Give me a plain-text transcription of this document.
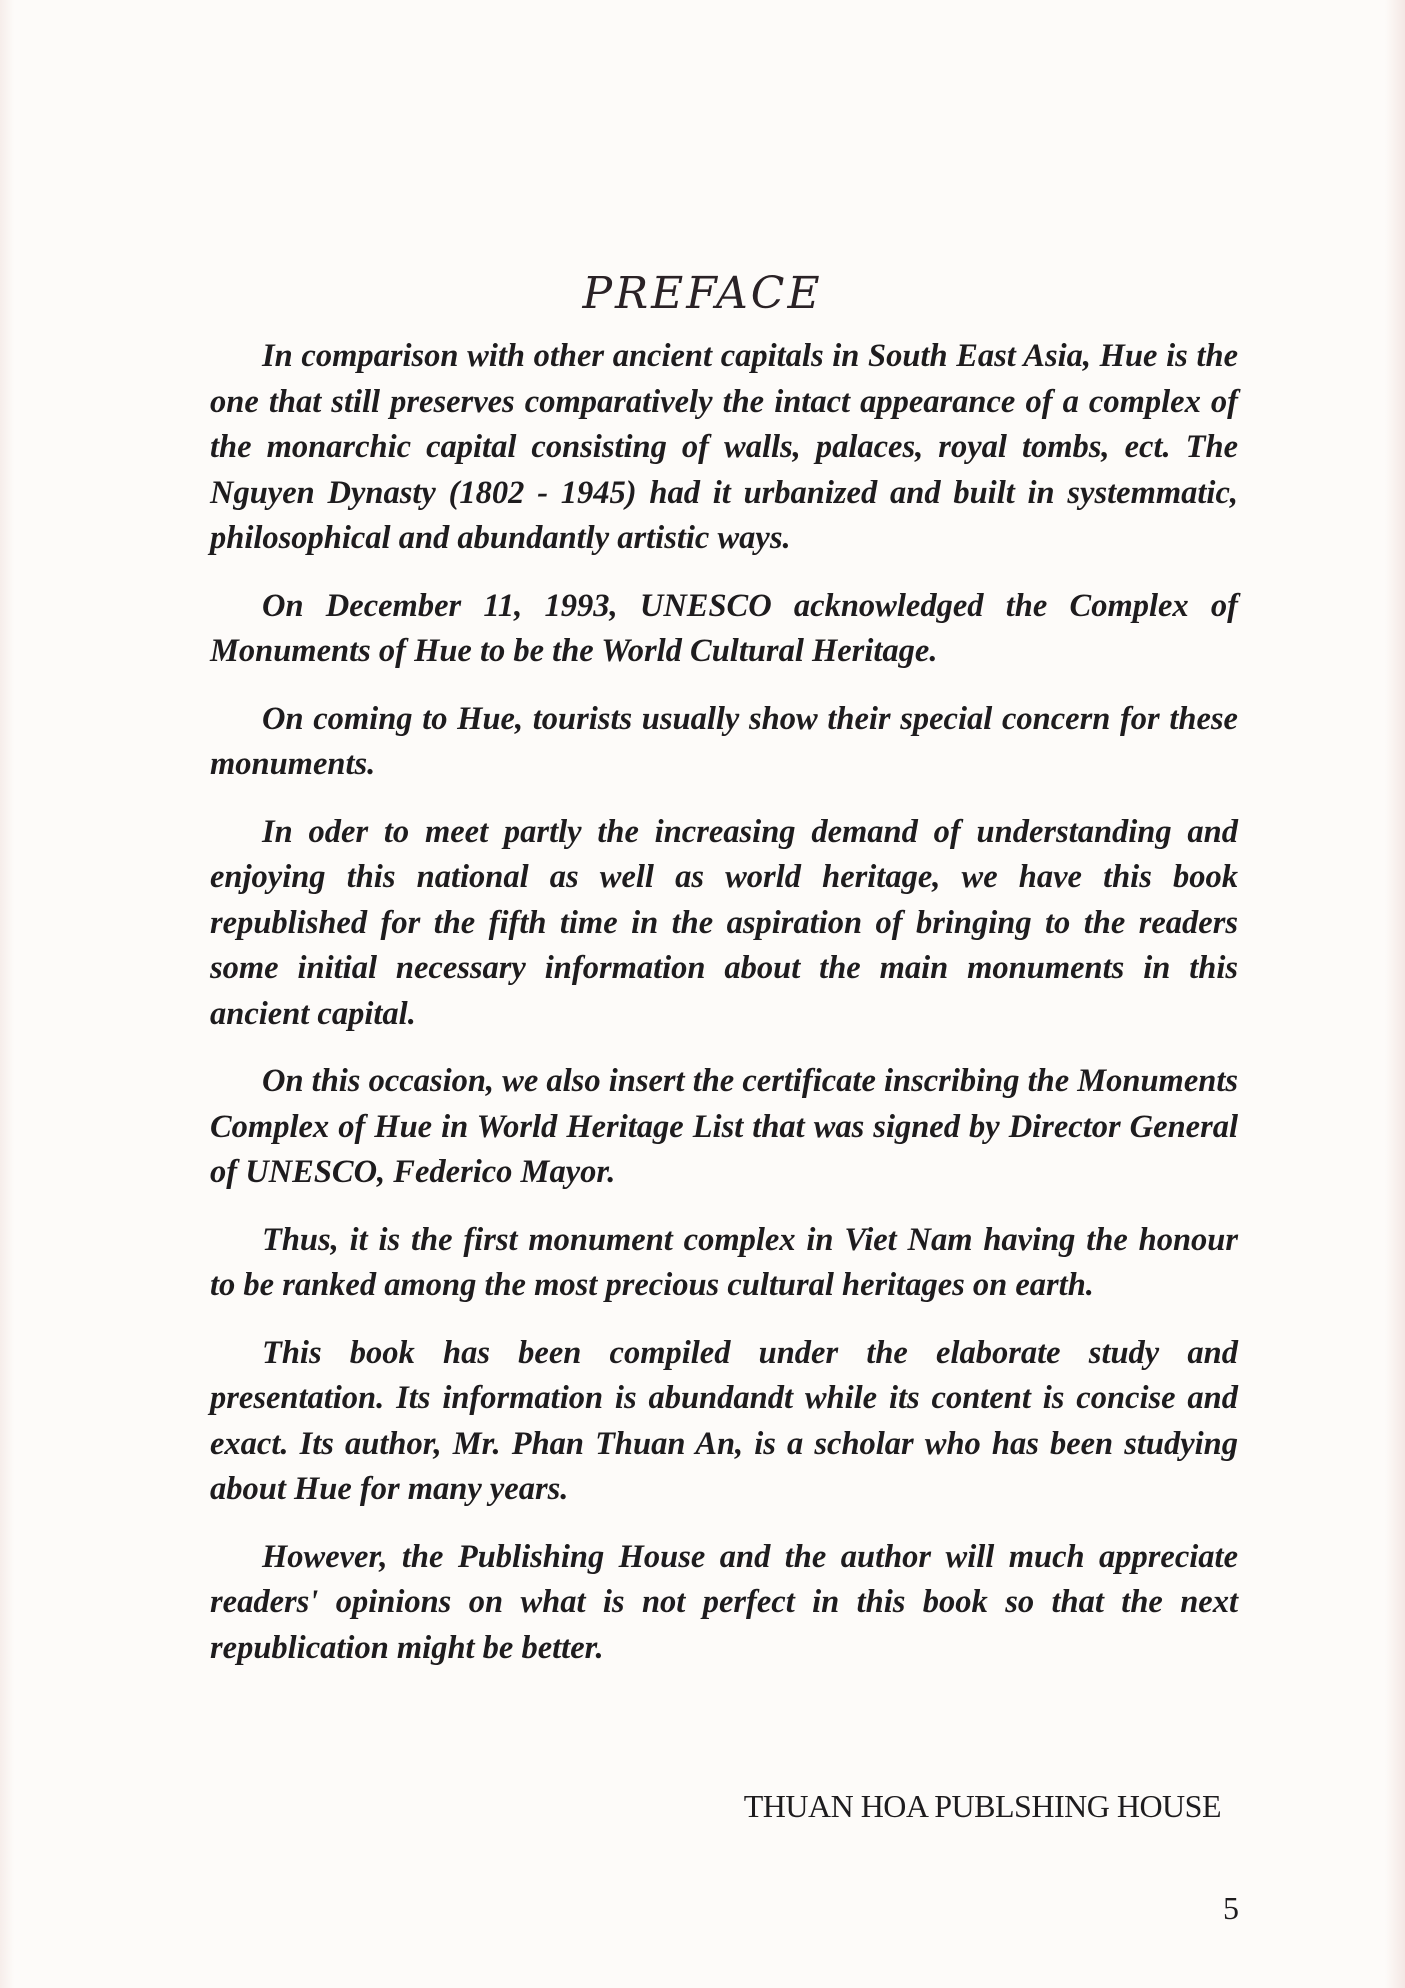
PREFACE

In comparison with other ancient capitals in South East Asia, Hue is the one that still preserves comparatively the intact appearance of a complex of the monarchic capital consisting of walls, palaces, royal tombs, ect. The Nguyen Dynasty (1802 - 1945) had it urbanized and built in systemmatic, philosophical and abundantly artistic ways.

On December 11, 1993, UNESCO acknowledged the Complex of Monuments of Hue to be the World Cultural Heritage.

On coming to Hue, tourists usually show their special concern for these monuments.

In oder to meet partly the increasing demand of understanding and enjoying this national as well as world heritage, we have this book republished for the fifth time in the aspiration of bringing to the readers some initial necessary information about the main monuments in this ancient capital.

On this occasion, we also insert the certificate inscribing the Monuments Complex of Hue in World Heritage List that was signed by Director General of UNESCO, Federico Mayor.

Thus, it is the first monument complex in Viet Nam having the honour to be ranked among the most precious cultural heritages on earth.

This book has been compiled under the elaborate study and presentation. Its information is abundandt while its content is concise and exact. Its author, Mr. Phan Thuan An, is a scholar who has been studying about Hue for many years.

However, the Publishing House and the author will much appreciate readers' opinions on what is not perfect in this book so that the next republication might be better.

THUAN HOA PUBLSHING HOUSE
5
